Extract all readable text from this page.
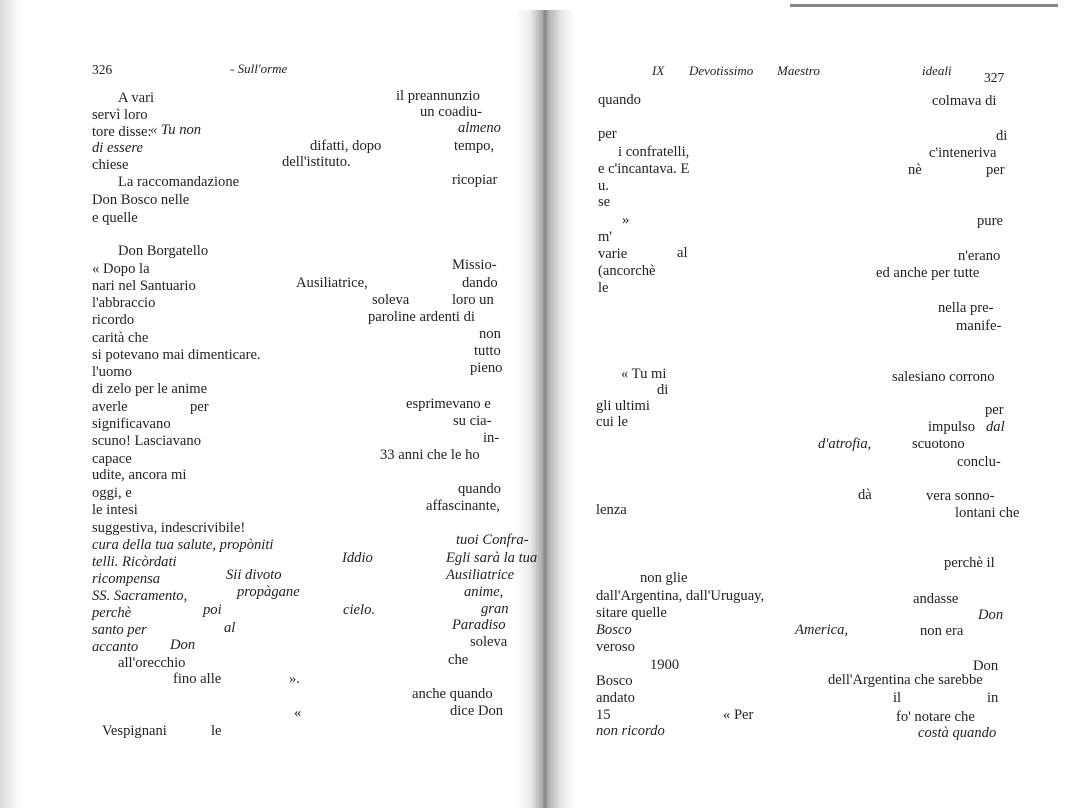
326	- Sull'orme
A vari	il preannunzio
servì loro	un coadiu-
tore disse:
« Tu non	almeno
di essere	difatti, dopo	tempo,
chiese	dell'istituto.
La raccomandazione	ricopiar
Don Bosco nelle
e quelle
Don Borgatello
« Dopo la	Missio-
nari nel Santuario	Ausiliatrice,	dando
l'abbraccio	soleva	loro un
ricordo	paroline ardenti di
non
carità che
tutto
si potevano mai dimenticare.
pieno
l'uomo
di zelo per le anime
averle	per	esprimevano e
significavano	su cia-
scuno! Lasciavano	in-
capace	33 anni che le ho
udite, ancora mi
oggi, e	quando
le intesi	affascinante,
suggestiva, indescrivibile!
tuoi Confra-
cura della tua salute, propòniti
telli. Ricòrdati	Iddio	Egli sarà la tua
ricompensa	Sii divoto	Ausiliatrice
anime,
SS. Sacramento,	propàgane
gran
perchè	poi	cielo.
Paradiso
santo per	al
soleva
accanto Don
all'orecchio	che
fino alle	».
anche quando
dice Don
«
Vespignani	le
IX Devotissimo Maestro	ideali 327
quando	colmava di
per	di
i confratelli,	c'inteneriva
e c'incantava. E	nè	per
u.
se
»	pure
m'
varie	al	n'erano
(ancorchè	ed anche per tutte
le
nella pre-
manife-
« Tu mi	salesiano corrono
di
gli ultimi	per
cui le	impulso dal
d'atrofia,	scuotono
conclu-
dà	vera sonno-
lenza	lontani che
perchè il
non glie
dall'Argentina, dall'Uruguay,	andasse
sitare quelle	Don
Bosco	America,	non era
veroso
1900	Don
Bosco	dell'Argentina che sarebbe
andato	il	in
15	« Per	fo' notare che
non ricordo	costà quando
